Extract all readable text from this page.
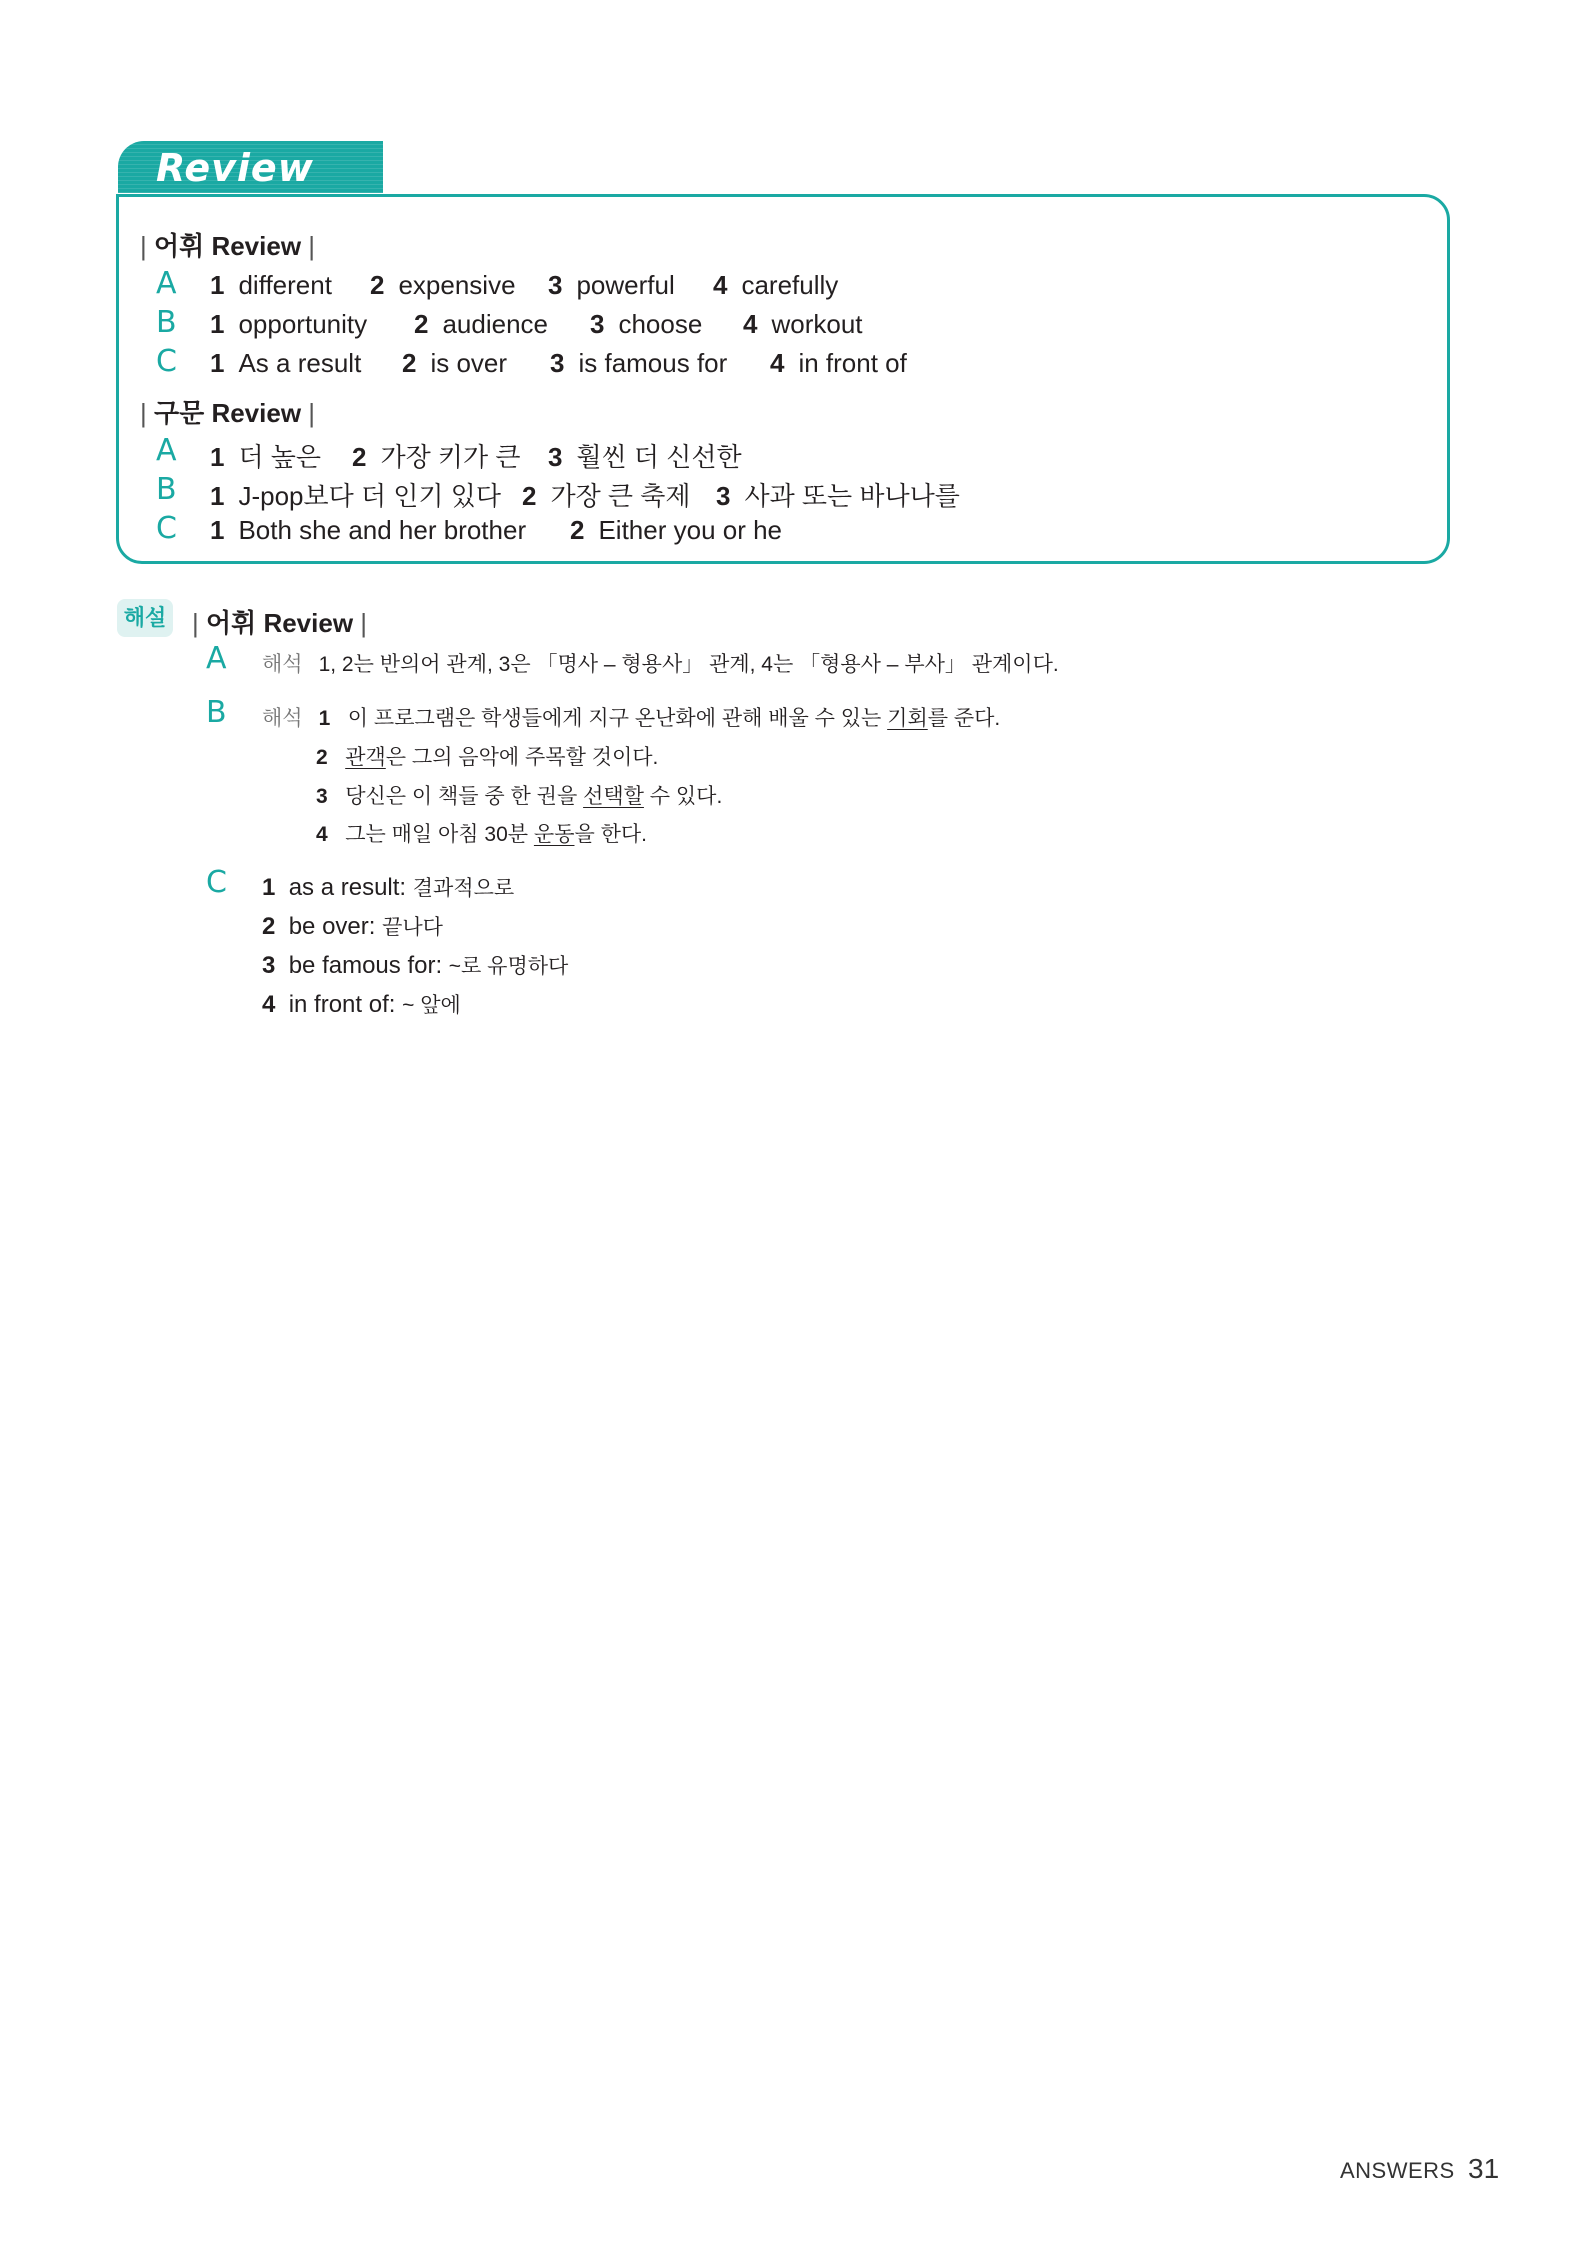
Review Test
| 어휘 Review |
A 1 different 2 expensive 3 powerful 4 carefully
B 1 opportunity 2 audience 3 choose 4 workout
C 1 As a result 2 is over 3 is famous for 4 in front of
| 구문 Review |
A 1 더 높은 2 가장 키가 큰 3 훨씬 더 신선한
B 1 J-pop보다 더 인기 있다 2 가장 큰 축제 3 사과 또는 바나나를
C 1 Both she and her brother 2 Either you or he
해설 | 어휘 Review |
A 해석 1, 2는 반의어 관계, 3은 「명사 – 형용사」 관계, 4는 「형용사 – 부사」 관계이다.
B 해석 1 이 프로그램은 학생들에게 지구 온난화에 관해 배울 수 있는 기회를 준다.
2 관객은 그의 음악에 주목할 것이다.
3 당신은 이 책들 중 한 권을 선택할 수 있다.
4 그는 매일 아침 30분 운동을 한다.
C 1 as a result: 결과적으로
2 be over: 끝나다
3 be famous for: ~로 유명하다
4 in front of: ~ 앞에
ANSWERS 31
